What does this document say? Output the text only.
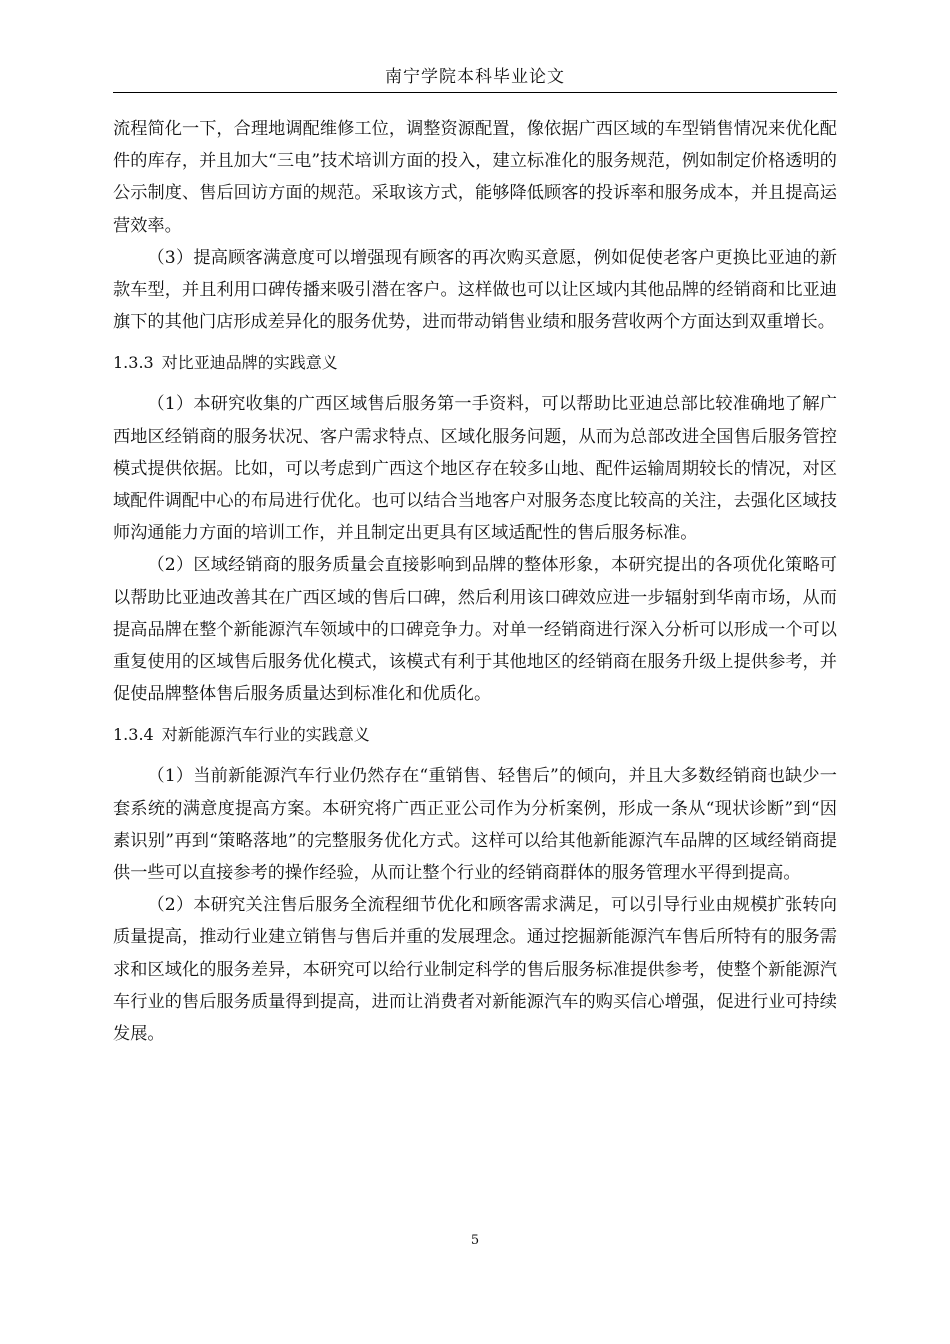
南宁学院本科毕业论文

流程简化一下，合理地调配维修工位，调整资源配置，像依据广西区域的车型销售情况来优化配件的库存，并且加大“三电”技术培训方面的投入，建立标准化的服务规范，例如制定价格透明的公示制度、售后回访方面的规范。采取该方式，能够降低顾客的投诉率和服务成本，并且提高运营效率。

（3）提高顾客满意度可以增强现有顾客的再次购买意愿，例如促使老客户更换比亚迪的新款车型，并且利用口碑传播来吸引潜在客户。这样做也可以让区域内其他品牌的经销商和比亚迪旗下的其他门店形成差异化的服务优势，进而带动销售业绩和服务营收两个方面达到双重增长。

1.3.3 对比亚迪品牌的实践意义

（1）本研究收集的广西区域售后服务第一手资料，可以帮助比亚迪总部比较准确地了解广西地区经销商的服务状况、客户需求特点、区域化服务问题，从而为总部改进全国售后服务管控模式提供依据。比如，可以考虑到广西这个地区存在较多山地、配件运输周期较长的情况，对区域配件调配中心的布局进行优化。也可以结合当地客户对服务态度比较高的关注，去强化区域技师沟通能力方面的培训工作，并且制定出更具有区域适配性的售后服务标准。

（2）区域经销商的服务质量会直接影响到品牌的整体形象，本研究提出的各项优化策略可以帮助比亚迪改善其在广西区域的售后口碑，然后利用该口碑效应进一步辐射到华南市场，从而提高品牌在整个新能源汽车领域中的口碑竞争力。对单一经销商进行深入分析可以形成一个可以重复使用的区域售后服务优化模式，该模式有利于其他地区的经销商在服务升级上提供参考，并促使品牌整体售后服务质量达到标准化和优质化。

1.3.4 对新能源汽车行业的实践意义

（1）当前新能源汽车行业仍然存在“重销售、轻售后”的倾向，并且大多数经销商也缺少一套系统的满意度提高方案。本研究将广西正亚公司作为分析案例，形成一条从“现状诊断”到“因素识别”再到“策略落地”的完整服务优化方式。这样可以给其他新能源汽车品牌的区域经销商提供一些可以直接参考的操作经验，从而让整个行业的经销商群体的服务管理水平得到提高。

（2）本研究关注售后服务全流程细节优化和顾客需求满足，可以引导行业由规模扩张转向质量提高，推动行业建立销售与售后并重的发展理念。通过挖掘新能源汽车售后所特有的服务需求和区域化的服务差异，本研究可以给行业制定科学的售后服务标准提供参考，使整个新能源汽车行业的售后服务质量得到提高，进而让消费者对新能源汽车的购买信心增强，促进行业可持续发展。

5
